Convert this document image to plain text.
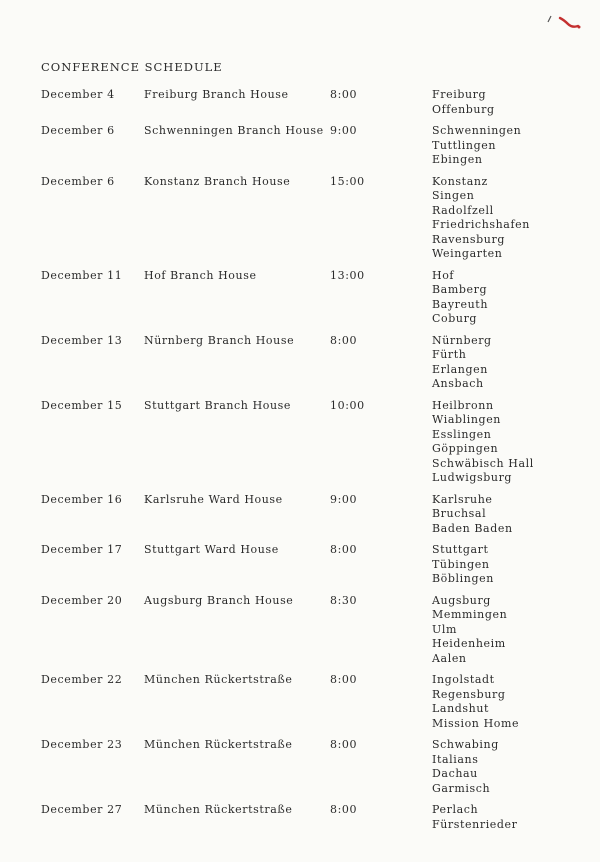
CONFERENCE SCHEDULE
December 4	Freiburg Branch House	8:00	Freiburg
Offenburg
December 6	Schwenningen Branch House 9:00	Schwenningen
Tuttlingen
Ebingen
December 6	Konstanz Branch House	15:00	Konstanz
Singen
Radolfzell
Friedrichshafen
Ravensburg
Weingarten
December 11 Hof Branch House	13:00	Hof
Bamberg
Bayreuth
Coburg
December 13 Nürnberg Branch House	8:00	Nürnberg
Fürth
Erlangen
Ansbach
December 15 Stuttgart Branch House	10:00	Heilbronn
Wiablingen
Esslingen
Göppingen
Schwäbisch Hall
Ludwigsburg
December 16 Karlsruhe Ward House	9:00	Karlsruhe
Bruchsal
Baden Baden
December 17 Stuttgart Ward House	8:00	Stuttgart
Tübingen
Böblingen
December 20 Augsburg Branch House	8:30	Augsburg
Memmingen
Ulm
Heidenheim
Aalen
December 22 München Rückertstraße	8:00	Ingolstadt
Regensburg
Landshut
Mission Home
December 23 München Rückertstraße	8:00	Schwabing
Italians
Dachau
Garmisch
December 27 München Rückertstraße	8:00	Perlach
Fürstenrieder
